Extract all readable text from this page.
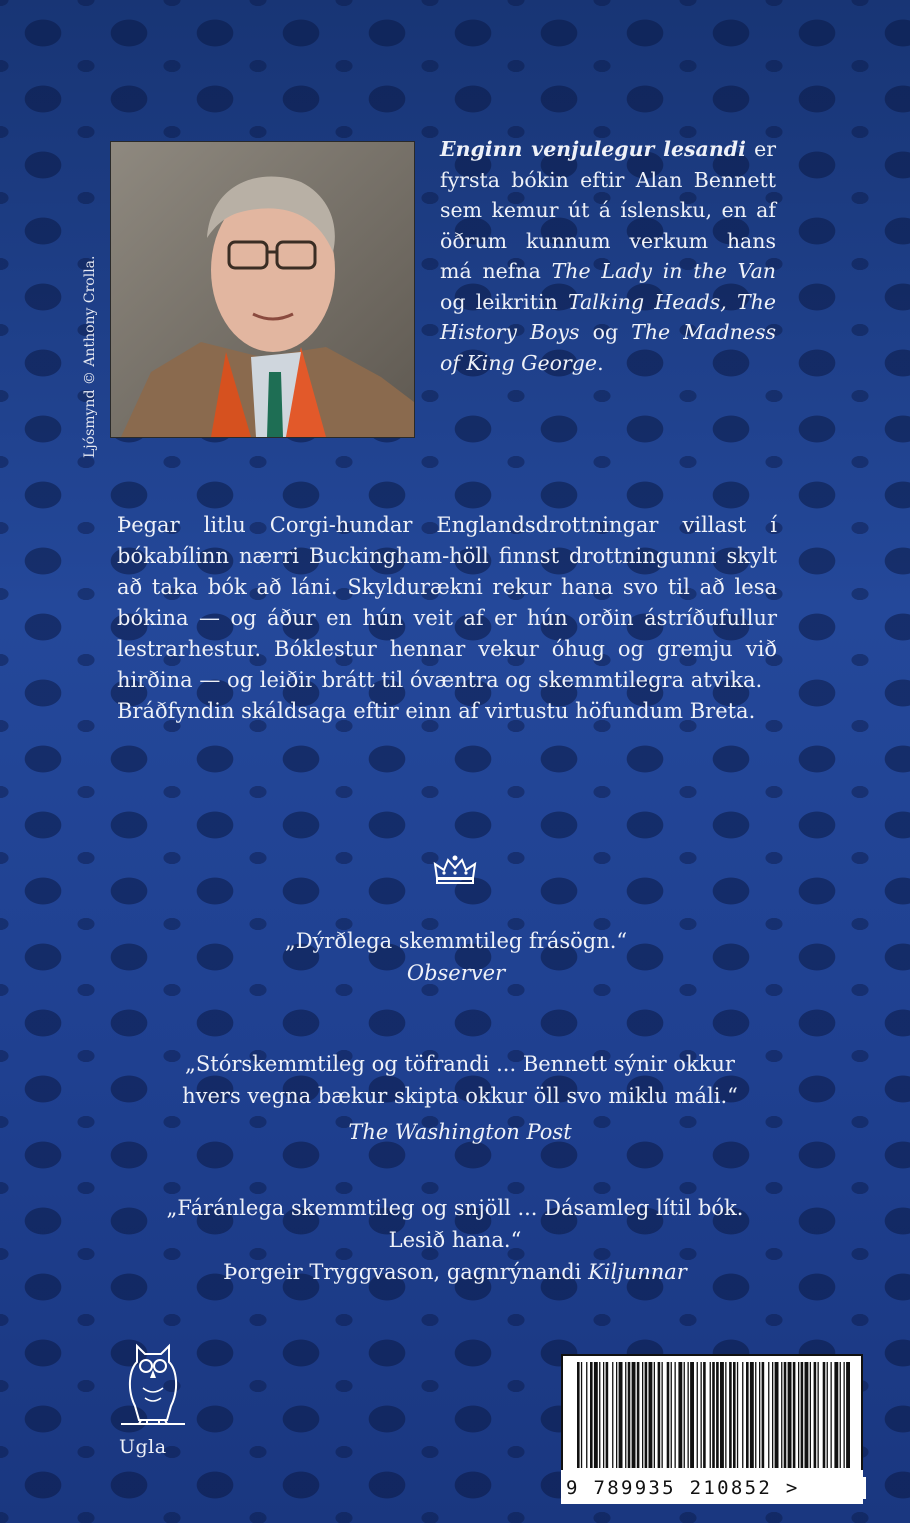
Ljósmynd © Anthony Crolla.
Enginn venjulegur lesandi er fyrsta bókin eftir Alan Bennett sem kemur út á íslensku, en af öðrum kunnum verkum hans má nefna The Lady in the Van og leikritin Talking Heads, The History Boys og The Madness of King George.

Þegar litlu Corgi-hundar Englandsdrottningar villast í bókabílinn nærri Buckingham-höll finnst drottningunni skylt að taka bók að láni. Skyldurækni rekur hana svo til að lesa bókina — og áður en hún veit af er hún orðin ástríðufullur lestrarhestur. Bóklestur hennar vekur óhug og gremju við hirðina — og leiðir brátt til óvæntra og skemmtilegra atvika.

Bráðfyndin skáldsaga eftir einn af virtustu höfundum Breta.

„Dýrðlega skemmtileg frásögn.“
Observer
„Stórskemmtileg og töfrandi ... Bennett sýnir okkur hvers vegna bækur skipta okkur öll svo miklu máli.“
The Washington Post
„Fáránlega skemmtileg og snjöll ... Dásamleg lítil bók. Lesið hana.“
Þorgeir Tryggvason, gagnrýnandi Kiljunnar
Ugla
9 789935 210852 >
